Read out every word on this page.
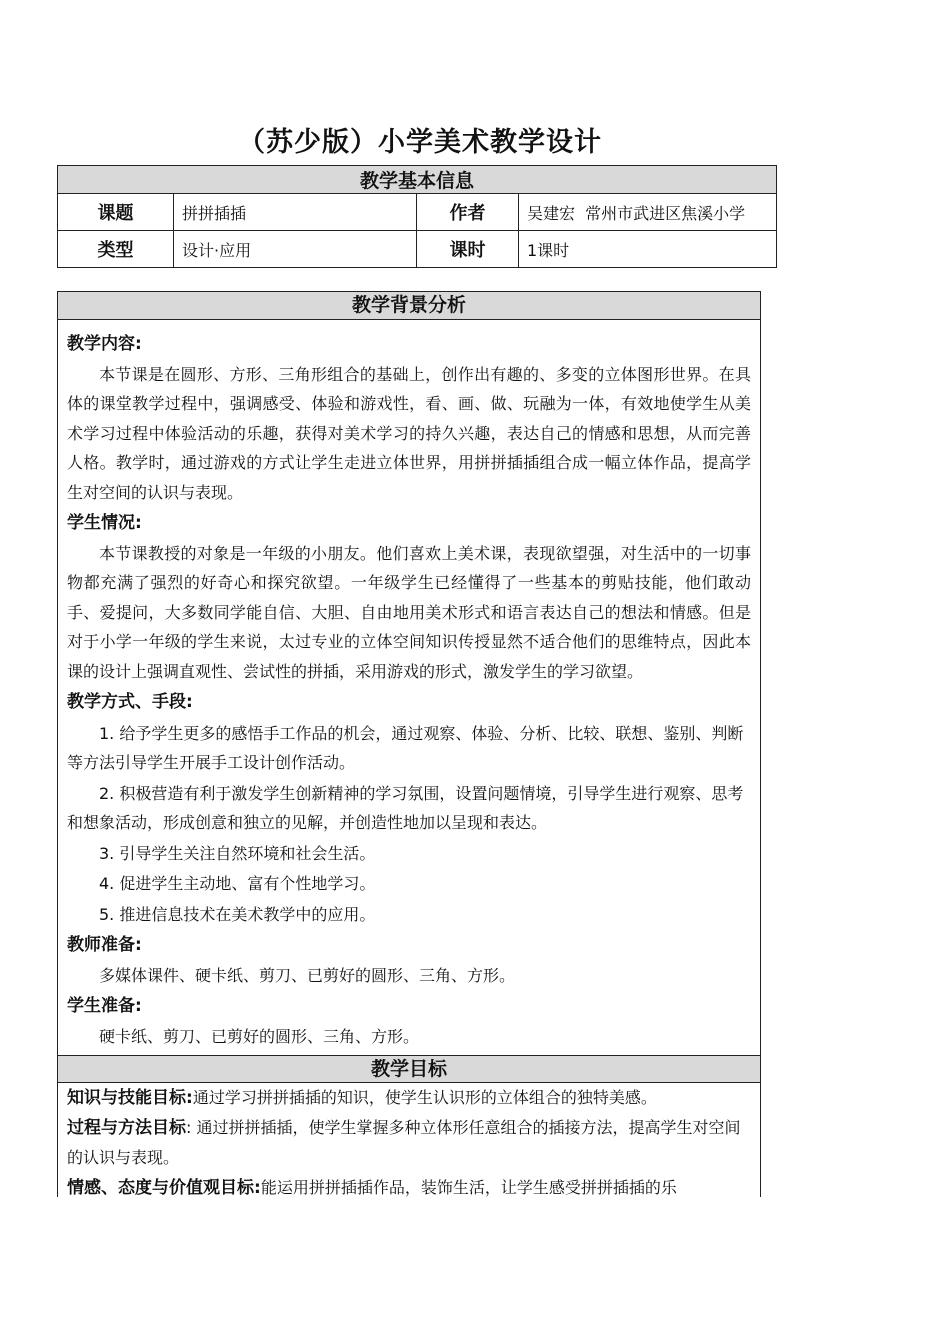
（苏少版）小学美术教学设计
教学基本信息			
课题	拼拼插插	作者	吴建宏  常州市武进区焦溪小学
类型	设计·应用	课时	1课时
教学背景分析
教学内容:

本节课是在圆形、方形、三角形组合的基础上，创作出有趣的、多变的立体图形世界。在具体的课堂教学过程中，强调感受、体验和游戏性，看、画、做、玩融为一体，有效地使学生从美术学习过程中体验活动的乐趣，获得对美术学习的持久兴趣，表达自己的情感和思想，从而完善人格。教学时，通过游戏的方式让学生走进立体世界，用拼拼插插组合成一幅立体作品，提高学生对空间的认识与表现。

学生情况:

本节课教授的对象是一年级的小朋友。他们喜欢上美术课，表现欲望强，对生活中的一切事物都充满了强烈的好奇心和探究欲望。一年级学生已经懂得了一些基本的剪贴技能，他们敢动手、爱提问，大多数同学能自信、大胆、自由地用美术形式和语言表达自己的想法和情感。但是对于小学一年级的学生来说，太过专业的立体空间知识传授显然不适合他们的思维特点，因此本课的设计上强调直观性、尝试性的拼插，采用游戏的形式，激发学生的学习欲望。

教学方式、手段:

1. 给予学生更多的感悟手工作品的机会，通过观察、体验、分析、比较、联想、鉴别、判断等方法引导学生开展手工设计创作活动。

2. 积极营造有利于激发学生创新精神的学习氛围，设置问题情境，引导学生进行观察、思考和想象活动，形成创意和独立的见解，并创造性地加以呈现和表达。

3. 引导学生关注自然环境和社会生活。

4. 促进学生主动地、富有个性地学习。

5. 推进信息技术在美术教学中的应用。

教师准备:

多媒体课件、硬卡纸、剪刀、已剪好的圆形、三角、方形。

学生准备:

硬卡纸、剪刀、已剪好的圆形、三角、方形。

教学目标
知识与技能目标:通过学习拼拼插插的知识，使学生认识形的立体组合的独特美感。
过程与方法目标: 通过拼拼插插，使学生掌握多种立体形任意组合的插接方法，提高学生对空间的认识与表现。
情感、态度与价值观目标:能运用拼拼插插作品，装饰生活，让学生感受拼拼插插的乐
